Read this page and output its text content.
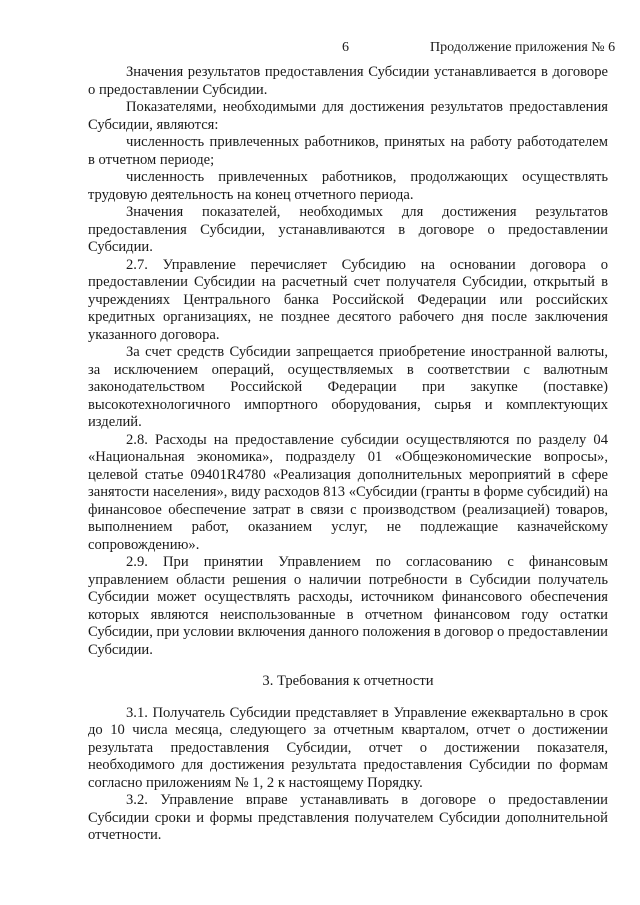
6	Продолжение приложения № 6

Значения результатов предоставления Субсидии устанавливается в договоре о предоставлении Субсидии.

Показателями, необходимыми для достижения результатов предоставления Субсидии, являются:

численность привлеченных работников, принятых на работу работодателем в отчетном периоде;

численность привлеченных работников, продолжающих осуществлять трудовую деятельность на конец отчетного периода.

Значения показателей, необходимых для достижения результатов предоставления Субсидии, устанавливаются в договоре о предоставлении Субсидии.

2.7. Управление перечисляет Субсидию на основании договора о предоставлении Субсидии на расчетный счет получателя Субсидии, открытый в учреждениях Центрального банка Российской Федерации или российских кредитных организациях, не позднее десятого рабочего дня после заключения указанного договора.

За счет средств Субсидии запрещается приобретение иностранной валюты, за исключением операций, осуществляемых в соответствии с валютным законодательством Российской Федерации при закупке (поставке) высокотехнологичного импортного оборудования, сырья и комплектующих изделий.

2.8. Расходы на предоставление субсидии осуществляются по разделу 04 «Национальная экономика», подразделу 01 «Общеэкономические вопросы», целевой статье 09401R4780 «Реализация дополнительных мероприятий в сфере занятости населения», виду расходов 813 «Субсидии (гранты в форме субсидий) на финансовое обеспечение затрат в связи с производством (реализацией) товаров, выполнением работ, оказанием услуг, не подлежащие казначейскому сопровождению».

2.9. При принятии Управлением по согласованию с финансовым управлением области решения о наличии потребности в Субсидии получатель Субсидии может осуществлять расходы, источником финансового обеспечения которых являются неиспользованные в отчетном финансовом году остатки Субсидии, при условии включения данного положения в договор о предоставлении Субсидии.

3. Требования к отчетности

3.1. Получатель Субсидии представляет в Управление ежеквартально в срок до 10 числа месяца, следующего за отчетным кварталом, отчет о достижении результата предоставления Субсидии, отчет о достижении показателя, необходимого для достижения результата предоставления Субсидии по формам согласно приложениям № 1, 2 к настоящему Порядку.

3.2. Управление вправе устанавливать в договоре о предоставлении Субсидии сроки и формы представления получателем Субсидии дополнительной отчетности.
